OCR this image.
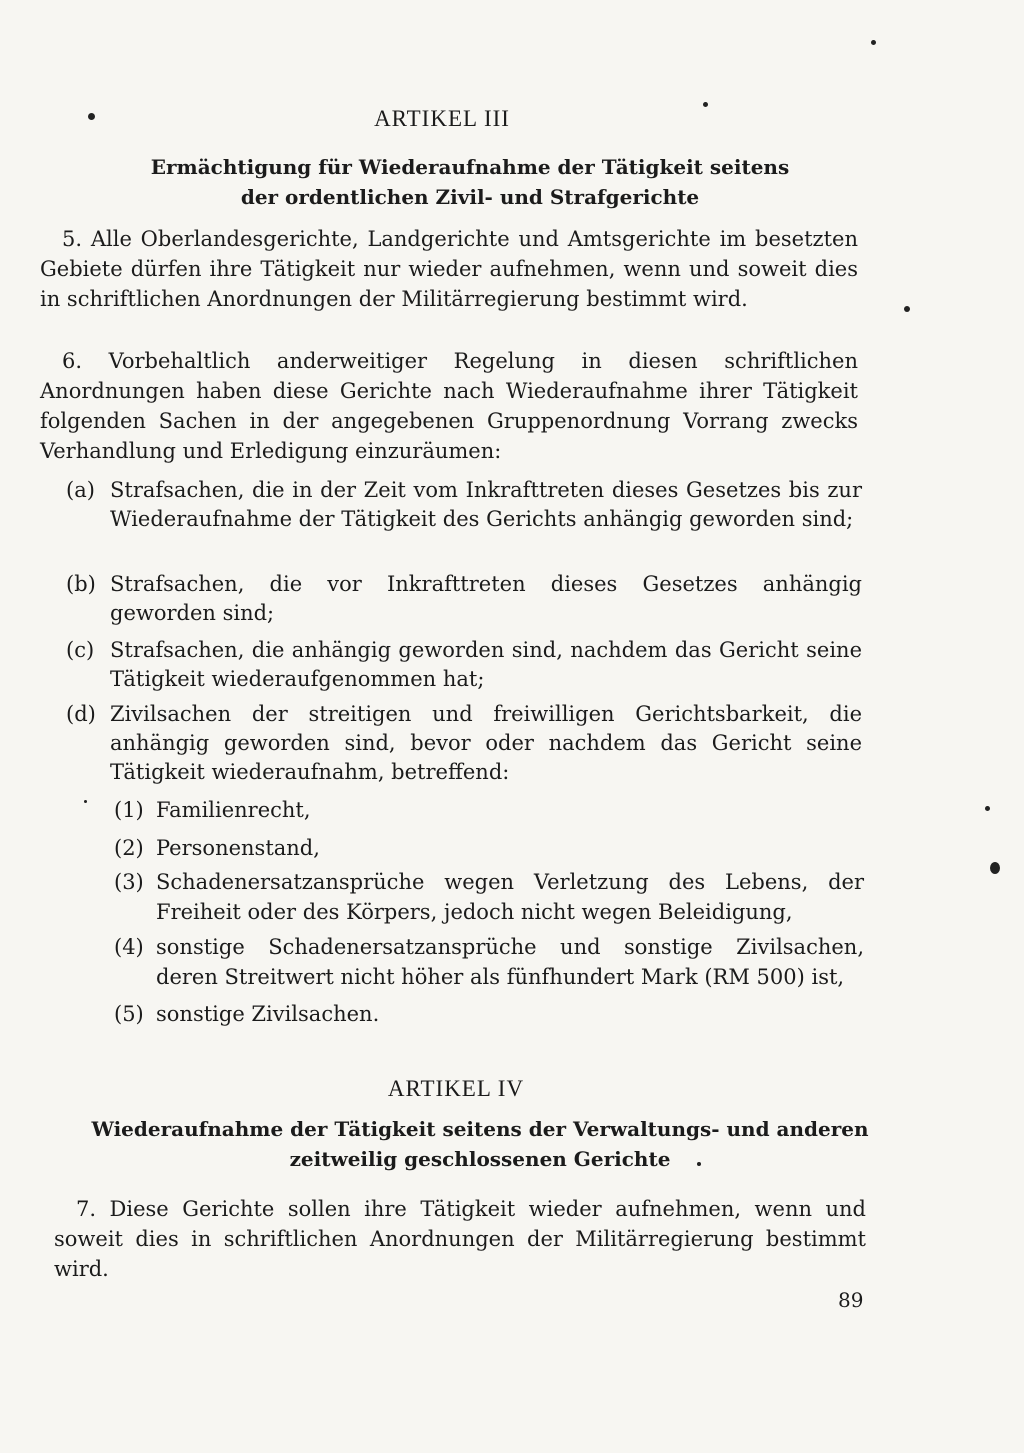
ARTIKEL III
Ermächtigung für Wiederaufnahme der Tätigkeit seitens
der ordentlichen Zivil- und Strafgerichte
5. Alle Oberlandesgerichte, Landgerichte und Amtsgerichte im besetzten Gebiete dürfen ihre Tätigkeit nur wieder aufnehmen, wenn und soweit dies in schriftlichen Anordnungen der Militärregierung bestimmt wird.
6. Vorbehaltlich anderweitiger Regelung in diesen schriftlichen Anordnungen haben diese Gerichte nach Wiederaufnahme ihrer Tätigkeit folgenden Sachen in der angegebenen Gruppenordnung Vorrang zwecks Verhandlung und Erledigung einzuräumen:
(a) Strafsachen, die in der Zeit vom Inkrafttreten dieses Gesetzes bis zur Wiederaufnahme der Tätigkeit des Gerichts anhängig geworden sind;
(b) Strafsachen, die vor Inkrafttreten dieses Gesetzes anhängig geworden sind;
(c) Strafsachen, die anhängig geworden sind, nachdem das Gericht seine Tätigkeit wiederaufgenommen hat;
(d) Zivilsachen der streitigen und freiwilligen Gerichtsbarkeit, die anhängig geworden sind, bevor oder nachdem das Gericht seine Tätigkeit wiederaufnahm, betreffend:
(1) Familienrecht,
(2) Personenstand,
(3) Schadenersatzansprüche wegen Verletzung des Lebens, der Freiheit oder des Körpers, jedoch nicht wegen Beleidigung,
(4) sonstige Schadenersatzansprüche und sonstige Zivilsachen, deren Streitwert nicht höher als fünfhundert Mark (RM 500) ist,
(5) sonstige Zivilsachen.
ARTIKEL IV
Wiederaufnahme der Tätigkeit seitens der Verwaltungs- und anderen
zeitweilig geschlossenen Gerichte
7. Diese Gerichte sollen ihre Tätigkeit wieder aufnehmen, wenn und soweit dies in schriftlichen Anordnungen der Militärregierung bestimmt wird.
89
